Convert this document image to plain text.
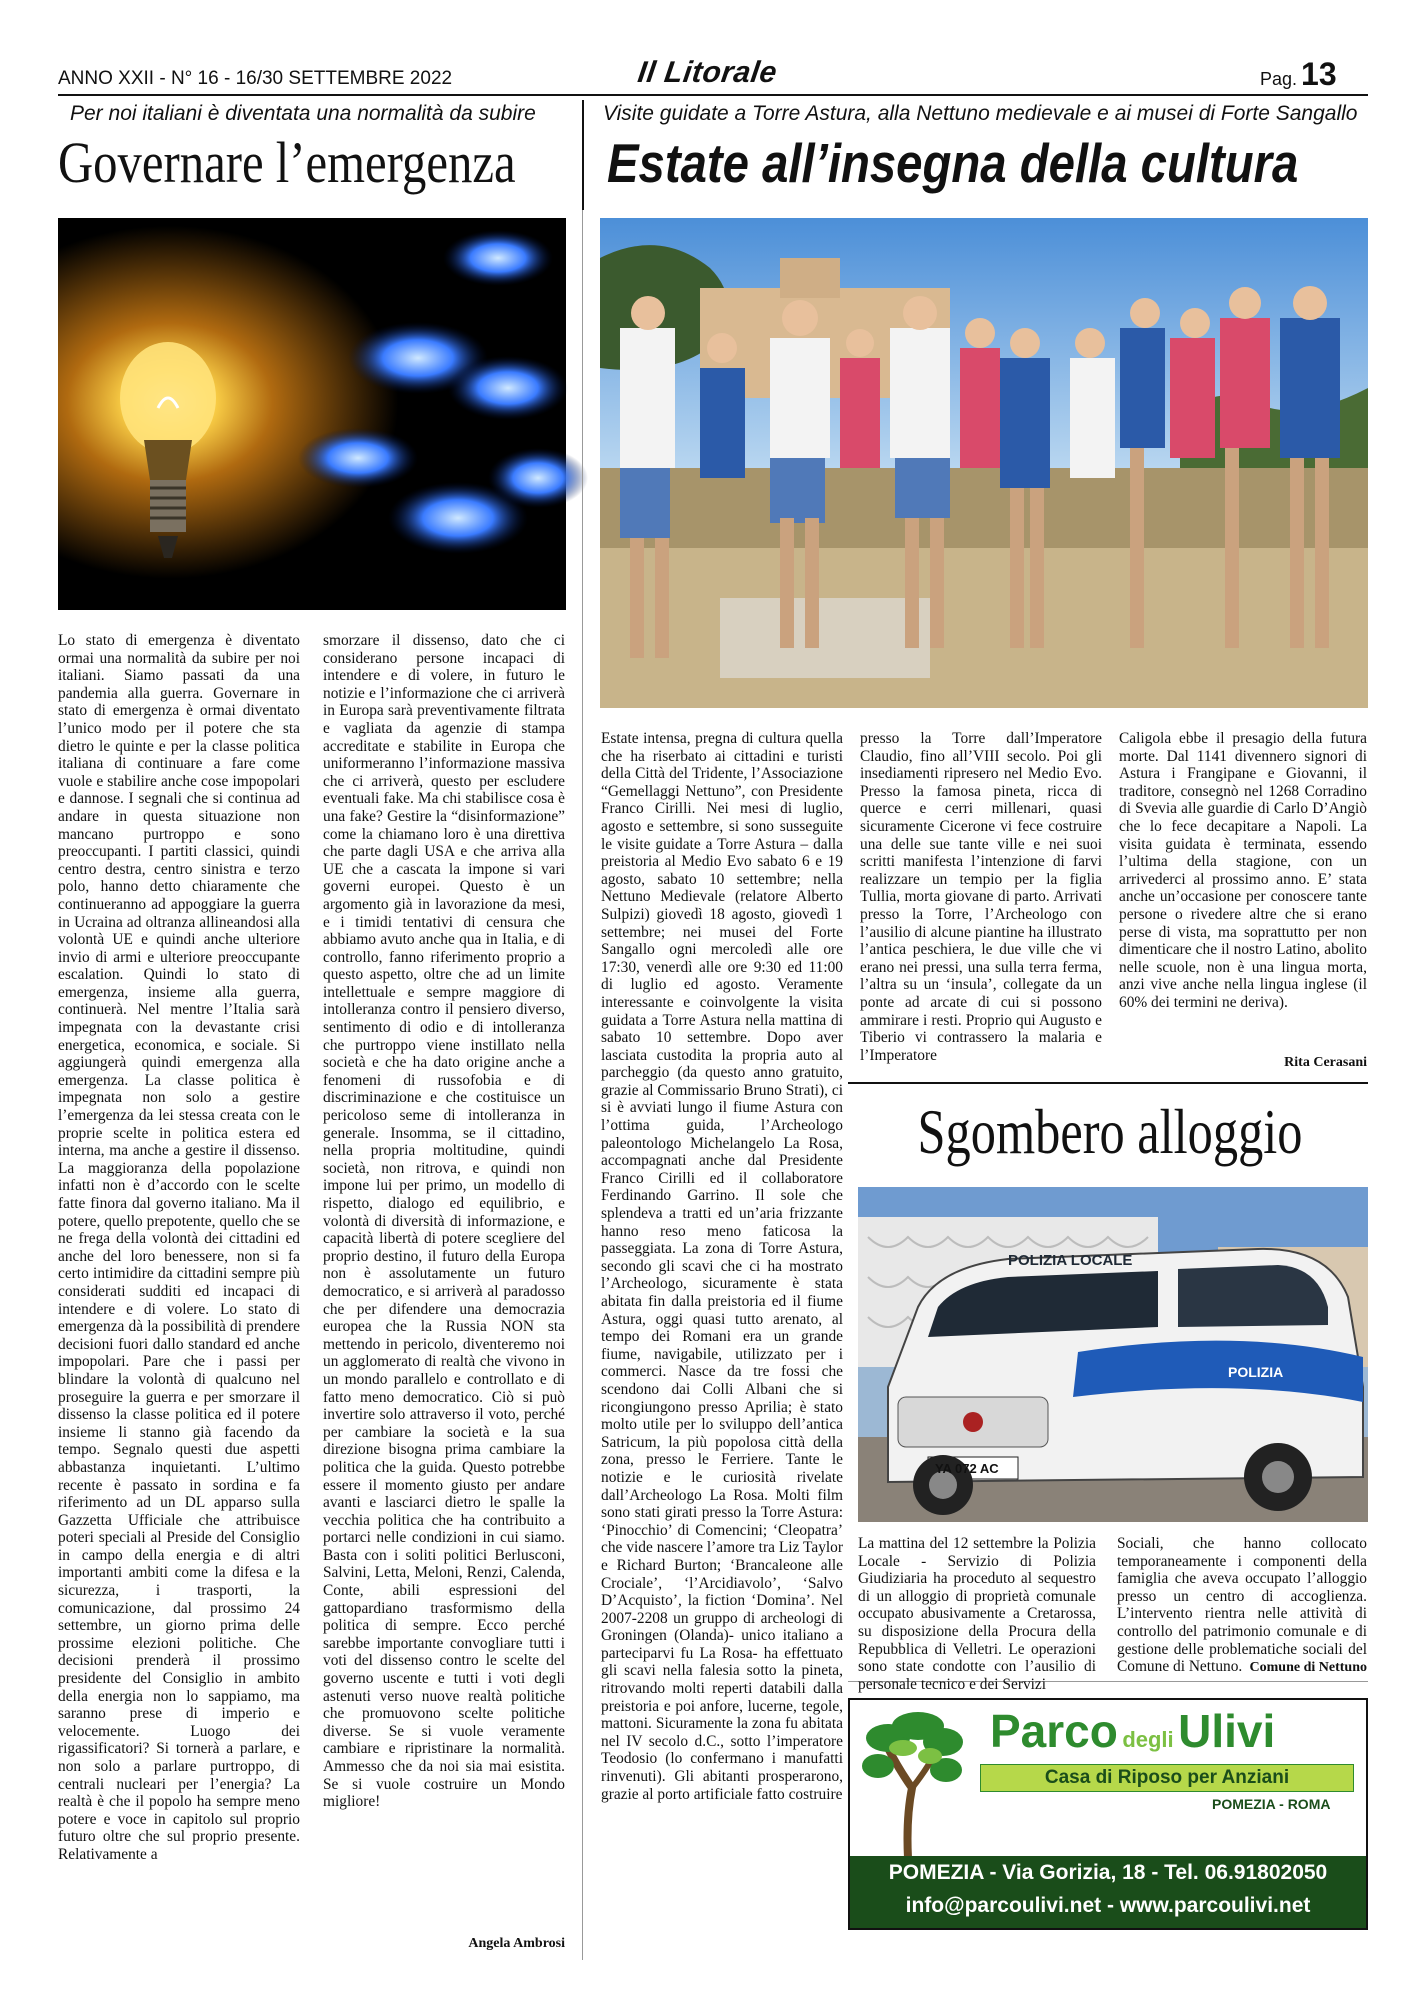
ANNO XXII - N° 16 - 16/30 SETTEMBRE 2022	Il Litorale	Pag. 13
Per noi italiani è diventata una normalità da subire
Governare l’emergenza
Lo stato di emergenza è diventato ormai una normalità da subire per noi italiani. Siamo passati da una pandemia alla guerra. Governare in stato di emergenza è ormai diventato l’unico modo per il potere che sta dietro le quinte e per la classe politica italiana di continuare a fare come vuole e stabilire anche cose impopolari e dannose. I segnali che si continua ad andare in questa situazione non mancano purtroppo e sono preoccupanti. I partiti classici, quindi centro destra, centro sinistra e terzo polo, hanno detto chiaramente che continueranno ad appoggiare la guerra in Ucraina ad oltranza allineandosi alla volontà UE e quindi anche ulteriore invio di armi e ulteriore preoccupante escalation. Quindi lo stato di emergenza, insieme alla guerra, continuerà. Nel mentre l’Italia sarà impegnata con la devastante crisi energetica, economica, e sociale. Si aggiungerà quindi emergenza alla emergenza. La classe politica è impegnata non solo a gestire l’emergenza da lei stessa creata con le proprie scelte in politica estera ed interna, ma anche a gestire il dissenso. La maggioranza della popolazione infatti non è d’accordo con le scelte fatte finora dal governo italiano. Ma il potere, quello prepotente, quello che se ne frega della volontà dei cittadini ed anche del loro benessere, non si fa certo intimidire da cittadini sempre più considerati sudditi ed incapaci di intendere e di volere. Lo stato di emergenza dà la possibilità di prendere decisioni fuori dallo standard ed anche impopolari. Pare che i passi per blindare la volontà di qualcuno nel proseguire la guerra e per smorzare il dissenso la classe politica ed il potere insieme li stanno già facendo da tempo. Segnalo questi due aspetti abbastanza inquietanti. L’ultimo recente è passato in sordina e fa riferimento ad un DL apparso sulla Gazzetta Ufficiale che attribuisce poteri speciali al Preside del Consiglio in campo della energia e di altri importanti ambiti come la difesa e la sicurezza, i trasporti, la comunicazione, dal prossimo 24 settembre, un giorno prima delle prossime elezioni politiche. Che decisioni prenderà il prossimo presidente del Consiglio in ambito della energia non lo sappiamo, ma saranno prese di imperio e velocemente. Luogo dei rigassificatori? Si tornerà a parlare, e non solo a parlare purtroppo, di centrali nucleari per l’energia? La realtà è che il popolo ha sempre meno potere e voce in capitolo sul proprio futuro oltre che sul proprio presente. Relativamente a
smorzare il dissenso, dato che ci considerano persone incapaci di intendere e di volere, in futuro le notizie e l’informazione che ci arriverà in Europa sarà preventivamente filtrata e vagliata da agenzie di stampa accreditate e stabilite in Europa che uniformeranno l’informazione massiva che ci arriverà, questo per escludere eventuali fake. Ma chi stabilisce cosa è una fake? Gestire la “disinformazione” come la chiamano loro è una direttiva che parte dagli USA e che arriva alla UE che a cascata la impone si vari governi europei. Questo è un argomento già in lavorazione da mesi, e i timidi tentativi di censura che abbiamo avuto anche qua in Italia, e di controllo, fanno riferimento proprio a questo aspetto, oltre che ad un limite intellettuale e sempre maggiore di intolleranza contro il pensiero diverso, sentimento di odio e di intolleranza che purtroppo viene instillato nella società e che ha dato origine anche a fenomeni di russofobia e di discriminazione e che costituisce un pericoloso seme di intolleranza in generale. Insomma, se il cittadino, nella propria moltitudine, quindi società, non ritrova, e quindi non impone lui per primo, un modello di rispetto, dialogo ed equilibrio, e volontà di diversità di informazione, e capacità libertà di potere scegliere del proprio destino, il futuro della Europa non è assolutamente un futuro democratico, e si arriverà al paradosso che per difendere una democrazia europea che la Russia NON sta mettendo in pericolo, diventeremo noi un agglomerato di realtà che vivono in un mondo parallelo e controllato e di fatto meno democratico. Ciò si può invertire solo attraverso il voto, perché per cambiare la società e la sua direzione bisogna prima cambiare la politica che la guida. Questo potrebbe essere il momento giusto per andare avanti e lasciarci dietro le spalle la vecchia politica che ha contribuito a portarci nelle condizioni in cui siamo. Basta con i soliti politici Berlusconi, Salvini, Letta, Meloni, Renzi, Calenda, Conte, abili espressioni del gattopardiano trasformismo della politica di sempre. Ecco perché sarebbe importante convogliare tutti i voti del dissenso contro le scelte del governo uscente e tutti i voti degli astenuti verso nuove realtà politiche che promuovono scelte politiche diverse. Se si vuole veramente cambiare e ripristinare la normalità. Ammesso che da noi sia mai esistita. Se si vuole costruire un Mondo migliore!
Angela Ambrosi
Visite guidate a Torre Astura, alla Nettuno medievale e ai musei di Forte Sangallo
Estate all’insegna della cultura
Estate intensa, pregna di cultura quella che ha riserbato ai cittadini e turisti della Città del Tridente, l’Associazione “Gemellaggi Nettuno”, con Presidente Franco Cirilli. Nei mesi di luglio, agosto e settembre, si sono susseguite le visite guidate a Torre Astura – dalla preistoria al Medio Evo sabato 6 e 19 agosto, sabato 10 settembre; nella Nettuno Medievale (relatore Alberto Sulpizi) giovedì 18 agosto, giovedì 1 settembre; nei musei del Forte Sangallo ogni mercoledì alle ore 17:30, venerdì alle ore 9:30 ed 11:00 di luglio ed agosto. Veramente interessante e coinvolgente la visita guidata a Torre Astura nella mattina di sabato 10 settembre. Dopo aver lasciata custodita la propria auto al parcheggio (da questo anno gratuito, grazie al Commissario Bruno Strati), ci si è avviati lungo il fiume Astura con l’ottima guida, l’Archeologo paleontologo Michelangelo La Rosa, accompagnati anche dal Presidente Franco Cirilli ed il collaboratore Ferdinando Garrino. Il sole che splendeva a tratti ed un’aria frizzante hanno reso meno faticosa la passeggiata. La zona di Torre Astura, secondo gli scavi che ci ha mostrato l’Archeologo, sicuramente è stata abitata fin dalla preistoria ed il fiume Astura, oggi quasi tutto arenato, al tempo dei Romani era un grande fiume, navigabile, utilizzato per i commerci. Nasce da tre fossi che scendono dai Colli Albani che si ricongiungono presso Aprilia; è stato molto utile per lo sviluppo dell’antica Satricum, la più popolosa città della zona, presso le Ferriere. Tante le notizie e le curiosità rivelate dall’Archeologo La Rosa. Molti film sono stati girati presso la Torre Astura: ‘Pinocchio’ di Comencini; ‘Cleopatra’ che vide nascere l’amore tra Liz Taylor e Richard Burton; ‘Brancaleone alle Crociale’, ‘l’Arcidiavolo’, ‘Salvo D’Acquisto’, la fiction ‘Domina’. Nel 2007-2208 un gruppo di archeologi di Groningen (Olanda)- unico italiano a parteciparvi fu La Rosa- ha effettuato gli scavi nella falesia sotto la pineta, ritrovando molti reperti databili dalla preistoria e poi anfore, lucerne, tegole, mattoni. Sicuramente la zona fu abitata nel IV secolo d.C., sotto l’imperatore Teodosio (lo confermano i manufatti rinvenuti). Gli abitanti prosperarono, grazie al porto artificiale fatto costruire
presso la Torre dall’Imperatore Claudio, fino all’VIII secolo. Poi gli insediamenti ripresero nel Medio Evo. Presso la famosa pineta, ricca di querce e cerri millenari, quasi sicuramente Cicerone vi fece costruire una delle sue tante ville e nei suoi scritti manifesta l’intenzione di farvi realizzare un tempio per la figlia Tullia, morta giovane di parto. Arrivati presso la Torre, l’Archeologo con l’ausilio di alcune piantine ha illustrato l’antica peschiera, le due ville che vi erano nei pressi, una sulla terra ferma, l’altra su un ‘insula’, collegate da un ponte ad arcate di cui si possono ammirare i resti. Proprio qui Augusto e Tiberio vi contrassero la malaria e l’Imperatore
Caligola ebbe il presagio della futura morte. Dal 1141 divennero signori di Astura i Frangipane e Giovanni, il traditore, consegnò nel 1268 Corradino di Svevia alle guardie di Carlo D’Angiò che lo fece decapitare a Napoli. La visita guidata è terminata, essendo l’ultima della stagione, con un arrivederci al prossimo anno. E’ stata anche un’occasione per conoscere tante persone o rivedere altre che si erano perse di vista, ma soprattutto per non dimenticare che il nostro Latino, abolito nelle scuole, non è una lingua morta, anzi vive anche nella lingua inglese (il 60% dei termini ne deriva).
Rita Cerasani
Sgombero alloggio
POLIZIA LOCALE
POLIZIA
YA 072 AC
La mattina del 12 settembre la Polizia Locale - Servizio di Polizia Giudiziaria ha proceduto al sequestro di un alloggio di proprietà comunale occupato abusivamente a Cretarossa, su disposizione della Procura della Repubblica di Velletri. Le operazioni sono state condotte con l’ausilio di personale tecnico e dei Servizi
Sociali, che hanno collocato temporaneamente i componenti della famiglia che aveva occupato l’alloggio presso un centro di accoglienza. L’intervento rientra nelle attività di controllo del patrimonio comunale e di gestione delle problematiche sociali del Comune di Nettuno. Comune di Nettuno
Parco degli Ulivi
Casa di Riposo per Anziani
POMEZIA - ROMA
POMEZIA - Via Gorizia, 18 - Tel. 06.91802050
info@parcoulivi.net - www.parcoulivi.net
